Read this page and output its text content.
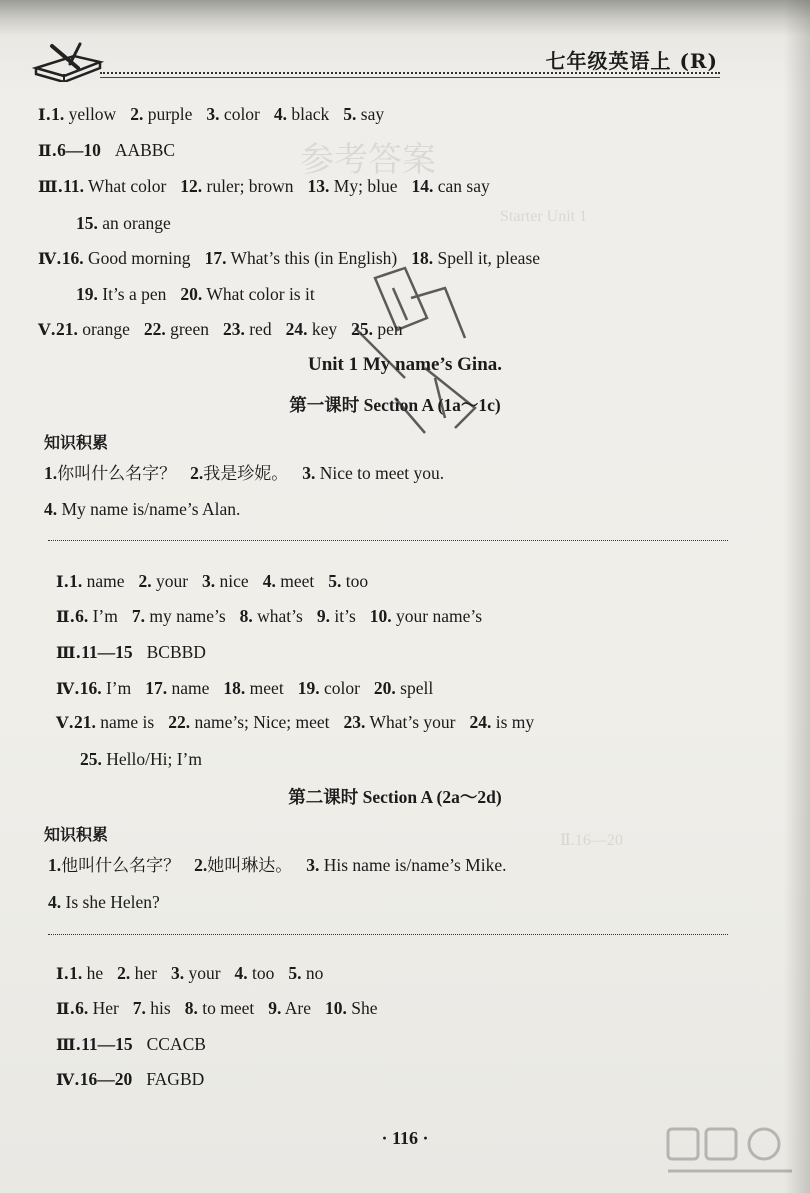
参考答案
Starter Unit 1
Ⅱ.16—20
七年级英语上 (R)
Ⅰ.1. yellow 2. purple 3. color 4. black 5. say
Ⅱ.6—10 AABBC
Ⅲ.11. What color 12. ruler; brown 13. My; blue 14. can say
15. an orange
Ⅳ.16. Good morning 17. What’s this (in English) 18. Spell it, please
19. It’s a pen 20. What color is it
Ⅴ.21. orange 22. green 23. red 24. key 25. pen
Unit 1 My name’s Gina.
第一课时 Section A (1a～1c)
知识积累
1.你叫什么名字？ 2.我是珍妮。 3. Nice to meet you.
4. My name is/name’s Alan.
Ⅰ.1. name 2. your 3. nice 4. meet 5. too
Ⅱ.6. I’m 7. my name’s 8. what’s 9. it’s 10. your name’s
Ⅲ.11—15 BCBBD
Ⅳ.16. I’m 17. name 18. meet 19. color 20. spell
Ⅴ.21. name is 22. name’s; Nice; meet 23. What’s your 24. is my
25. Hello/Hi; I’m
第二课时 Section A (2a～2d)
知识积累
1.他叫什么名字？ 2.她叫琳达。 3. His name is/name’s Mike.
4. Is she Helen?
Ⅰ.1. he 2. her 3. your 4. too 5. no
Ⅱ.6. Her 7. his 8. to meet 9. Are 10. She
Ⅲ.11—15 CCACB
Ⅳ.16—20 FAGBD
· 116 ·
